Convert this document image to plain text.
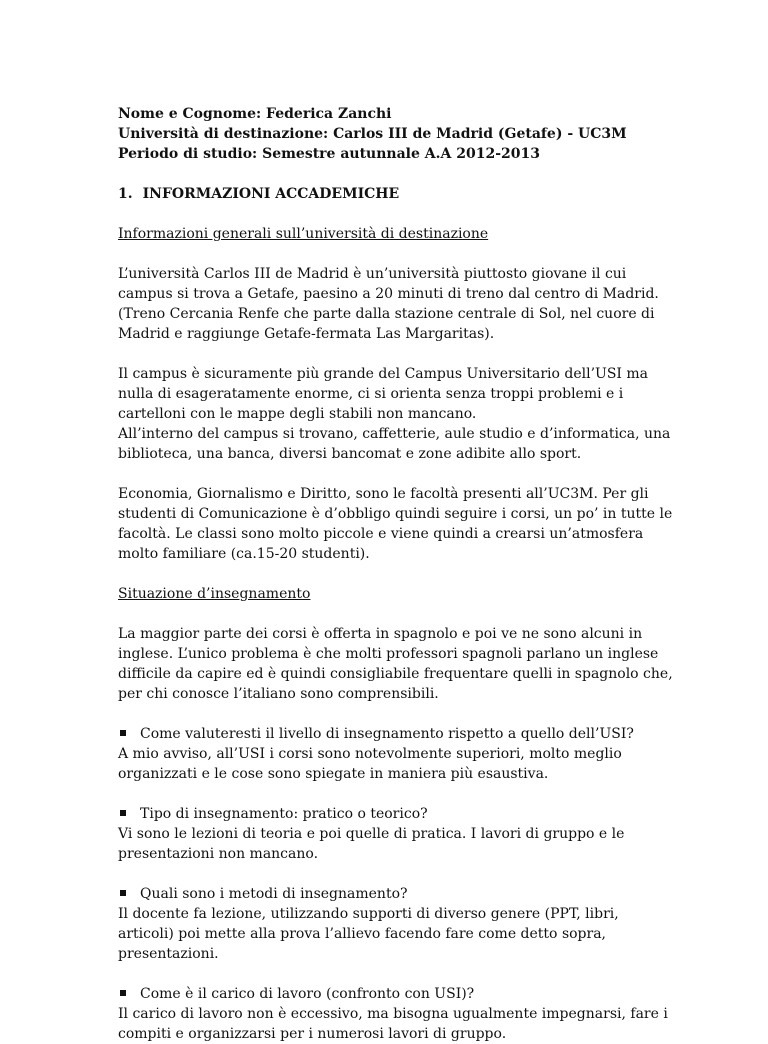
Nome e Cognome: Federica Zanchi

Università di destinazione: Carlos III de Madrid (Getafe) - UC3M

Periodo di studio: Semestre autunnale A.A 2012-2013

1. INFORMAZIONI ACCADEMICHE

Informazioni generali sull’università di destinazione

L’università Carlos III de Madrid è un’università piuttosto giovane il cui campus si trova a Getafe, paesino a 20 minuti di treno dal centro di Madrid.

(Treno Cercania Renfe che parte dalla stazione centrale di Sol, nel cuore di Madrid e raggiunge Getafe-fermata Las Margaritas).

Il campus è sicuramente più grande del Campus Universitario dell’USI ma nulla di esageratamente enorme, ci si orienta senza troppi problemi e i cartelloni con le mappe degli stabili non mancano.

All’interno del campus si trovano, caffetterie, aule studio e d’informatica, una biblioteca, una banca, diversi bancomat e zone adibite allo sport.

Economia, Giornalismo e Diritto, sono le facoltà presenti all’UC3M. Per gli studenti di Comunicazione è d’obbligo quindi seguire i corsi, un po’ in tutte le facoltà. Le classi sono molto piccole e viene quindi a crearsi un’atmosfera molto familiare (ca.15-20 studenti).

Situazione d’insegnamento

La maggior parte dei corsi è offerta in spagnolo e poi ve ne sono alcuni in inglese. L’unico problema è che molti professori spagnoli parlano un inglese difficile da capire ed è quindi consigliabile frequentare quelli in spagnolo che, per chi conosce l’italiano sono comprensibili.

Come valuteresti il livello di insegnamento rispetto a quello dell’USI?

A mio avviso, all’USI i corsi sono notevolmente superiori, molto meglio organizzati e le cose sono spiegate in maniera più esaustiva.

Tipo di insegnamento: pratico o teorico?

Vi sono le lezioni di teoria e poi quelle di pratica. I lavori di gruppo e le presentazioni non mancano.

Quali sono i metodi di insegnamento?

Il docente fa lezione, utilizzando supporti di diverso genere (PPT, libri, articoli) poi mette alla prova l’allievo facendo fare come detto sopra, presentazioni.

Come è il carico di lavoro (confronto con USI)?

Il carico di lavoro non è eccessivo, ma bisogna ugualmente impegnarsi, fare i compiti e organizzarsi per i numerosi lavori di gruppo.
